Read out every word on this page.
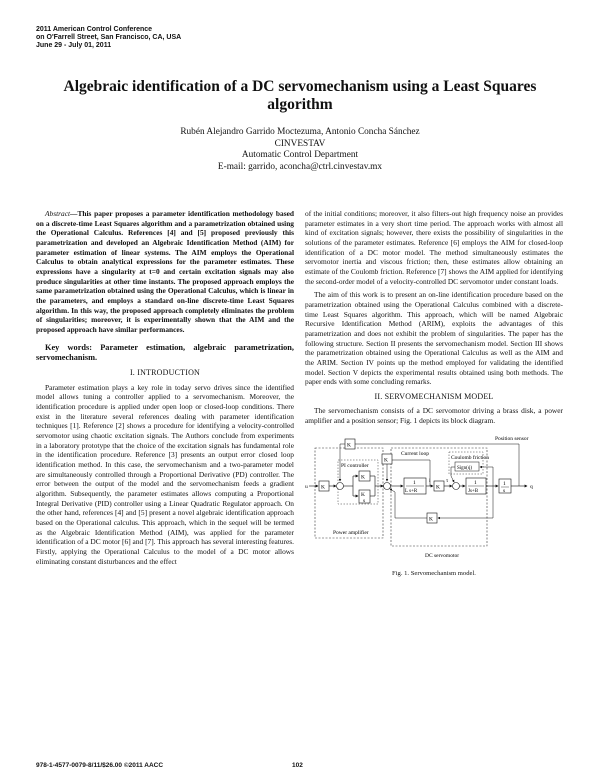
2011 American Control Conference
on O'Farrell Street, San Francisco, CA, USA
June 29 - July 01, 2011
Algebraic identification of a DC servomechanism using a Least Squares algorithm
Rubén Alejandro Garrido Moctezuma, Antonio Concha Sánchez
CINVESTAV
Automatic Control Department
E-mail: garrido, aconcha@ctrl.cinvestav.mx

Abstract—This paper proposes a parameter identification methodology based on a discrete-time Least Squares algorithm and a parametrization obtained using the Operational Calculus. References [4] and [5] proposed previously this parametrization and developed an Algebraic Identification Method (AIM) for parameter estimation of linear systems. The AIM employs the Operational Calculus to obtain analytical expressions for the parameter estimates. These expressions have a singularity at t=0 and certain excitation signals may also produce singularities at other time instants. The proposed approach employs the same parametrization obtained using the Operational Calculus, which is linear in the parameters, and employs a standard on-line discrete-time Least Squares algorithm. In this way, the proposed approach completely eliminates the problem of singularities; moreover, it is experimentally shown that the AIM and the proposed approach have similar performances.

Key words: Parameter estimation, algebraic parametrization, servomechanism.

I. INTRODUCTION

Parameter estimation plays a key role in today servo drives since the identified model allows tuning a controller applied to a servomechanism. Moreover, the identification procedure is applied under open loop or closed-loop conditions. There exist in the literature several references dealing with parameter identification techniques [1]. Reference [2] shows a procedure for identifying a velocity-controlled servomotor using chaotic excitation signals. The Authors conclude from experiments in a laboratory prototype that the choice of the excitation signals has fundamental role in the identification procedure. Reference [3] presents an output error closed loop identification method. In this case, the servomechanism and a two-parameter model are simultaneously controlled through a Proportional Derivative (PD) controller. The error between the output of the model and the servomechanism feeds a gradient algorithm. Subsequently, the parameter estimates allows computing a Proportional Integral Derivative (PID) controller using a Linear Quadratic Regulator approach. On the other hand, references [4] and [5] present a novel algebraic identification approach based on the Operational calculus. This approach, which in the sequel will be termed as the Algebraic Identification Method (AIM), was applied for the parameter identification of a DC motor [6] and [7]. This approach has several interesting features. Firstly, applying the Operational Calculus to the model of a DC motor allows eliminating constant disturbances and the effect

of the initial conditions; moreover, it also filters-out high frequency noise an provides parameter estimates in a very short time period. The approach works with almost all kind of excitation signals; however, there exists the possibility of singularities in the solutions of the parameter estimates. Reference [6] employs the AIM for closed-loop identification of a DC motor model. The method simultaneously estimates the servomotor inertia and viscous friction; then, these estimates allow obtaining an estimate of the Coulomb friction. Reference [7] shows the AIM applied for identifying the second-order model of a velocity-controlled DC servomotor under constant loads.

The aim of this work is to present an on-line identification procedure based on the parametrization obtained using the Operational Calculus combined with a discrete-time Least Squares algorithm. This approach, which will be named Algebraic Recursive Identification Method (ARIM), exploits the advantages of this parametrization and does not exhibit the problem of singularities. The paper has the following structure. Section II presents the servomechanism model. Section III shows the parametrization obtained using the Operational Calculus as well as the AIM and the ARIM. Section IV points up the method employed for validating the identified model. Section V depicts the experimental results obtained using both methods. The paper ends with some concluding remarks.

II. SERVOMECHANISM MODEL

The servomechanism consists of a DC servomotor driving a brass disk, a power amplifier and a position sensor; Fig. 1 depicts its block diagram.

Position sensor
Current loop
Coulomb friction
PI controller
Power amplifier
DC servomotor
u K
K
K
s
1
L s+R
K
τ	1
Js+B
1
s
q
Sign(q̇)
K
K
K
Fig. 1. Servomechanism model.
978-1-4577-0079-8/11/$26.00 ©2011 AACC	102
